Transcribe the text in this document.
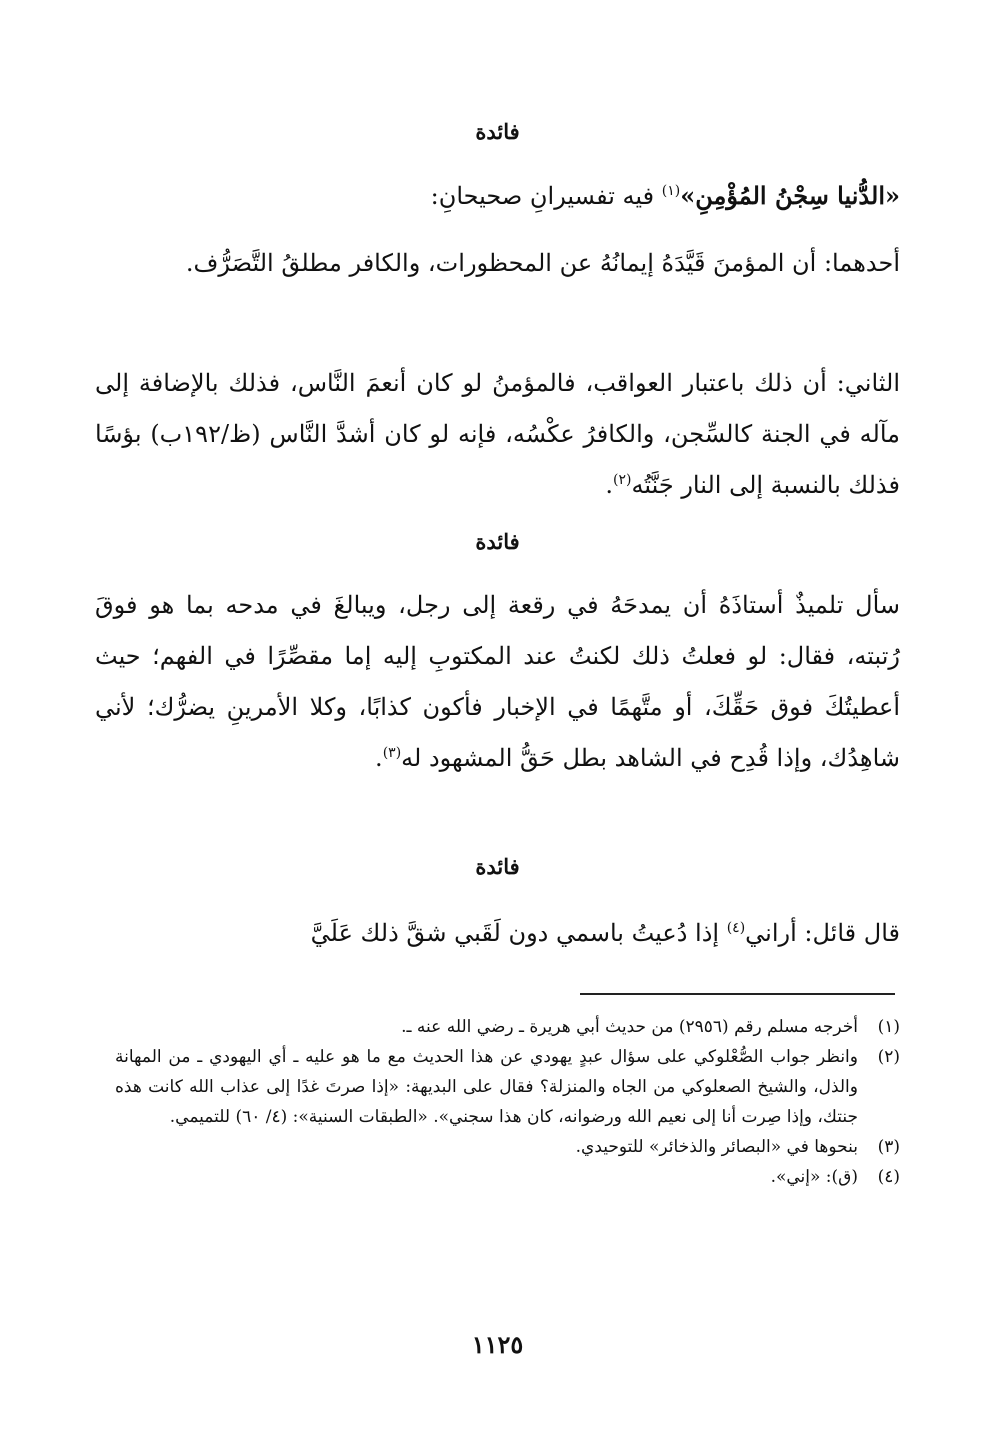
فائدة

«الدُّنيا سِجْنُ المُؤْمِنِ»$^{(١)}$ فيه تفسيرانِ صحيحانِ:

أحدهما: أن المؤمنَ قَيَّدَهُ إيمانُهُ عن المحظورات، والكافر مطلقُ التَّصَرُّف.

الثاني: أن ذلك باعتبار العواقب، فالمؤمنُ لو كان أنعمَ النَّاس، فذلك بالإضافة إلى مآله في الجنة كالسِّجن، والكافرُ عكْسُه، فإنه لو كان أشدَّ النَّاس (ظ/١٩٢ب) بؤسًا فذلك بالنسبة إلى النار جَنَّتُه$^{(٢)}$.

فائدة

سأل تلميذٌ أستاذَهُ أن يمدحَهُ في رقعة إلى رجل، ويبالغَ في مدحه بما هو فوقَ رُتبته، فقال: لو فعلتُ ذلك لكنتُ عند المكتوبِ إليه إما مقصِّرًا في الفهم؛ حيث أعطيتُكَ فوق حَقِّكَ، أو متَّهمًا في الإخبار فأكون كذابًا، وكلا الأمرينِ يضرُّك؛ لأني شاهِدُك، وإذا قُدِح في الشاهد بطل حَقُّ المشهود له$^{(٣)}$.

فائدة

قال قائل: أراني$^{(٤)}$ إذا دُعيتُ باسمي دون لَقَبي شقَّ ذلك عَلَيَّ

(١)
أخرجه مسلم رقم (٢٩٥٦) من حديث أبي هريرة ـ رضي الله عنه ـ.
(٢)
وانظر جواب الصُّعْلوكي على سؤال عبدٍ يهودي عن هذا الحديث مع ما هو عليه ـ أي اليهودي ـ من المهانة والذل، والشيخ الصعلوكي من الجاه والمنزلة؟ فقال على البديهة: «إذا صرتَ غدًا إلى عذاب الله كانت هذه جنتك، وإذا صِرت أنا إلى نعيم الله ورضوانه، كان هذا سجني». «الطبقات السنية»: (٤/ ٦٠) للتميمي.
(٣)
بنحوها في «البصائر والذخائر» للتوحيدي.
(٤)
(ق): «إني».
١١٢٥
